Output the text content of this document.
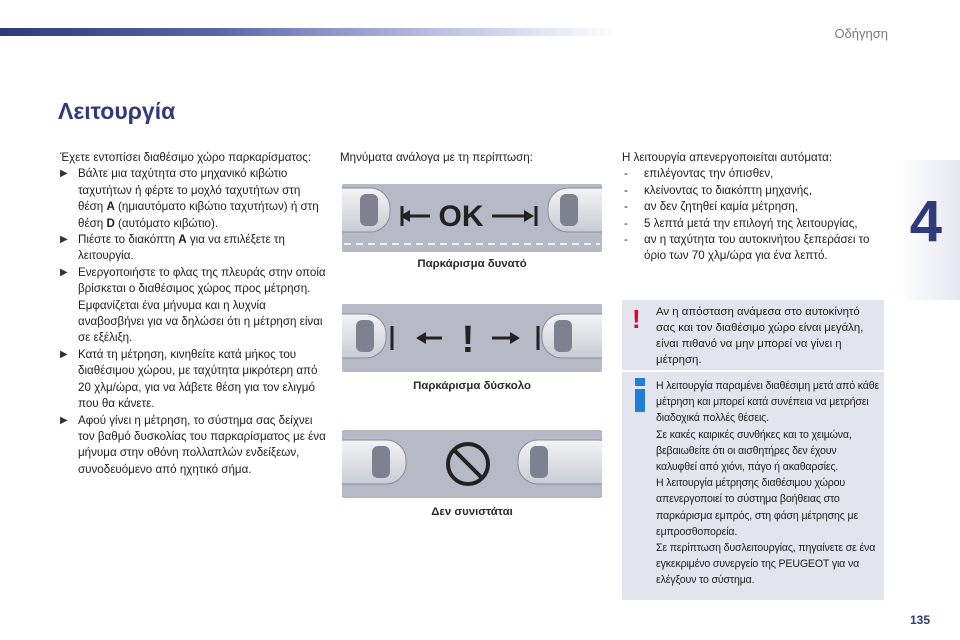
Οδήγηση
4
Λειτουργία
Έχετε εντοπίσει διαθέσιμο χώρο παρκαρίσματος:
▶ Βάλτε μια ταχύτητα στο μηχανικό κιβώτιο ταχυτήτων ή φέρτε το μοχλό ταχυτήτων στη θέση A (ημιαυτόματο κιβώτιο ταχυτήτων) ή στη θέση D (αυτόματο κιβώτιο).
▶ Πιέστε το διακόπτη A για να επιλέξετε τη λειτουργία.
▶ Ενεργοποιήστε το φλας της πλευράς στην οποία βρίσκεται ο διαθέσιμος χώρος προς μέτρηση. Εμφανίζεται ένα μήνυμα και η λυχνία αναβοσβήνει για να δηλώσει ότι η μέτρηση είναι σε εξέλιξη.
▶ Κατά τη μέτρηση, κινηθείτε κατά μήκος του διαθέσιμου χώρου, με ταχύτητα μικρότερη από 20 χλμ/ώρα, για να λάβετε θέση για τον ελιγμό που θα κάνετε.
▶ Αφού γίνει η μέτρηση, το σύστημα σας δείχνει τον βαθμό δυσκολίας του παρκαρίσματος με ένα μήνυμα στην οθόνη πολλαπλών ενδείξεων, συνοδευόμενο από ηχητικό σήμα.
Μηνύματα ανάλογα με τη περίπτωση:
OK
Παρκάρισμα δυνατό
!
Παρκάρισμα δύσκολο
Δεν συνιστάται
Η λειτουργία απενεργοποιείται αυτόματα:
- επιλέγοντας την όπισθεν,
- κλείνοντας το διακόπτη μηχανής,
- αν δεν ζητηθεί καμία μέτρηση,
- 5 λεπτά μετά την επιλογή της λειτουργίας,
- αν η ταχύτητα του αυτοκινήτου ξεπεράσει το όριο των 70 χλμ/ώρα για ένα λεπτό.
! Αν η απόσταση ανάμεσα στο αυτοκίνητό σας και τον διαθέσιμο χώρο είναι μεγάλη, είναι πιθανό να μην μπορεί να γίνει η μέτρηση.
Η λειτουργία παραμένει διαθέσιμη μετά από κάθε μέτρηση και μπορεί κατά συνέπεια να μετρήσει διαδοχικά πολλές θέσεις.
Σε κακές καιρικές συνθήκες και το χειμώνα, βεβαιωθείτε ότι οι αισθητήρες δεν έχουν καλυφθεί από χιόνι, πάγο ή ακαθαρσίες.
Η λειτουργία μέτρησης διαθέσιμου χώρου απενεργοποιεί το σύστημα βοήθειας στο παρκάρισμα εμπρός, στη φάση μέτρησης με εμπροσθοπορεία.
Σε περίπτωση δυσλειτουργίας, πηγαίνετε σε ένα εγκεκριμένο συνεργείο της PEUGEOT για να ελέγξουν το σύστημα.
135
